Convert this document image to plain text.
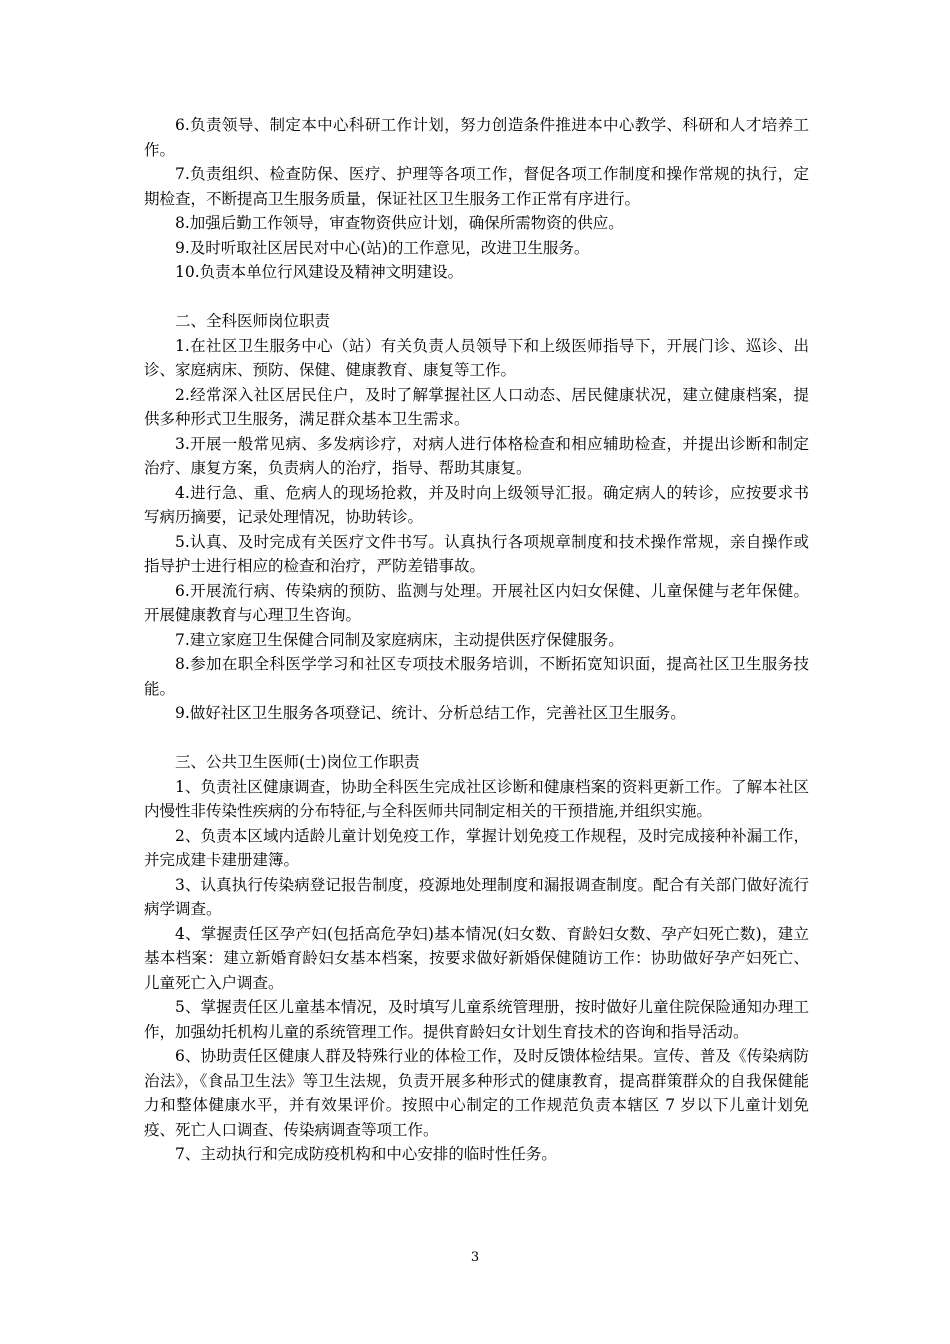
6.负责领导、制定本中心科研工作计划，努力创造条件推进本中心教学、科研和人才培养工作。

7.负责组织、检查防保、医疗、护理等各项工作，督促各项工作制度和操作常规的执行，定期检查，不断提高卫生服务质量，保证社区卫生服务工作正常有序进行。

8.加强后勤工作领导，审查物资供应计划，确保所需物资的供应。

9.及时听取社区居民对中心(站)的工作意见，改进卫生服务。

10.负责本单位行风建设及精神文明建设。

二、全科医师岗位职责

1.在社区卫生服务中心（站）有关负责人员领导下和上级医师指导下，开展门诊、巡诊、出诊、家庭病床、预防、保健、健康教育、康复等工作。

2.经常深入社区居民住户，及时了解掌握社区人口动态、居民健康状况，建立健康档案，提供多种形式卫生服务，满足群众基本卫生需求。

3.开展一般常见病、多发病诊疗，对病人进行体格检查和相应辅助检查，并提出诊断和制定治疗、康复方案，负责病人的治疗，指导、帮助其康复。

4.进行急、重、危病人的现场抢救，并及时向上级领导汇报。确定病人的转诊，应按要求书写病历摘要，记录处理情况，协助转诊。

5.认真、及时完成有关医疗文件书写。认真执行各项规章制度和技术操作常规，亲自操作或指导护士进行相应的检查和治疗，严防差错事故。

6.开展流行病、传染病的预防、监测与处理。开展社区内妇女保健、儿童保健与老年保健。开展健康教育与心理卫生咨询。

7.建立家庭卫生保健合同制及家庭病床，主动提供医疗保健服务。

8.参加在职全科医学学习和社区专项技术服务培训，不断拓宽知识面，提高社区卫生服务技能。

9.做好社区卫生服务各项登记、统计、分析总结工作，完善社区卫生服务。

三、公共卫生医师(士)岗位工作职责

1、负责社区健康调查，协助全科医生完成社区诊断和健康档案的资料更新工作。了解本社区内慢性非传染性疾病的分布特征,与全科医师共同制定相关的干预措施,并组织实施。

2、负责本区域内适龄儿童计划免疫工作，掌握计划免疫工作规程，及时完成接种补漏工作，并完成建卡建册建簿。

3、认真执行传染病登记报告制度，疫源地处理制度和漏报调查制度。配合有关部门做好流行病学调查。

4、掌握责任区孕产妇(包括高危孕妇)基本情况(妇女数、育龄妇女数、孕产妇死亡数)，建立基本档案：建立新婚育龄妇女基本档案，按要求做好新婚保健随访工作：协助做好孕产妇死亡、儿童死亡入户调查。

5、掌握责任区儿童基本情况，及时填写儿童系统管理册，按时做好儿童住院保险通知办理工作，加强幼托机构儿童的系统管理工作。提供育龄妇女计划生育技术的咨询和指导活动。

6、协助责任区健康人群及特殊行业的体检工作，及时反馈体检结果。宣传、普及《传染病防治法》，《食品卫生法》等卫生法规，负责开展多种形式的健康教育，提高群策群众的自我保健能力和整体健康水平，并有效果评价。按照中心制定的工作规范负责本辖区 7 岁以下儿童计划免疫、死亡人口调查、传染病调查等项工作。

7、主动执行和完成防疫机构和中心安排的临时性任务。

3
